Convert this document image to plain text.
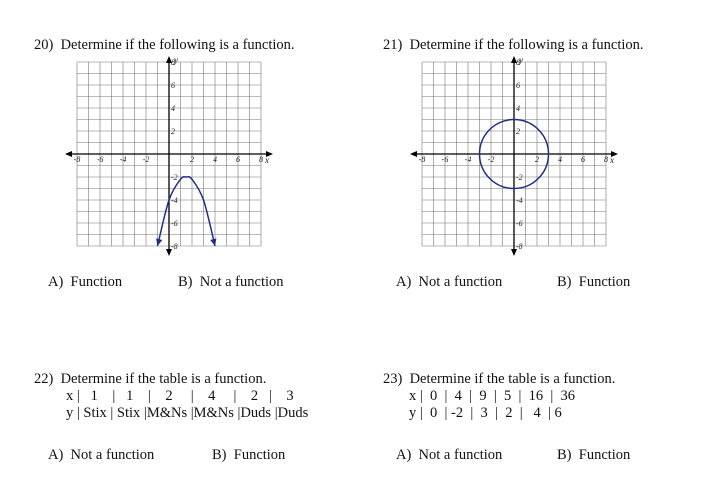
20)  Determine if the following is a function.
-8 -6 -4 -2	2 4 6 8
8
6
4
2
-2
-4
-6
-8
x
y
A)  Function	B)  Not a function
21)  Determine if the following is a function.
-8 -6 -4 -2	2 4 6 8
8
6
4
2
-2
-4
-6
-8
x
y
A)  Not a function	B)  Function
22)  Determine if the table is a function.
x |   1    |   1    |    2     |    4     |    2   |    3
y | Stix | Stix |M&Ns |M&Ns |Duds |Duds
A)  Not a function	B)  Function
23)  Determine if the table is a function.
x |  0  |  4  |  9  |  5  |  16  |  36
y |  0  | -2  |  3  |  2  |   4  | 6
A)  Not a function	B)  Function
